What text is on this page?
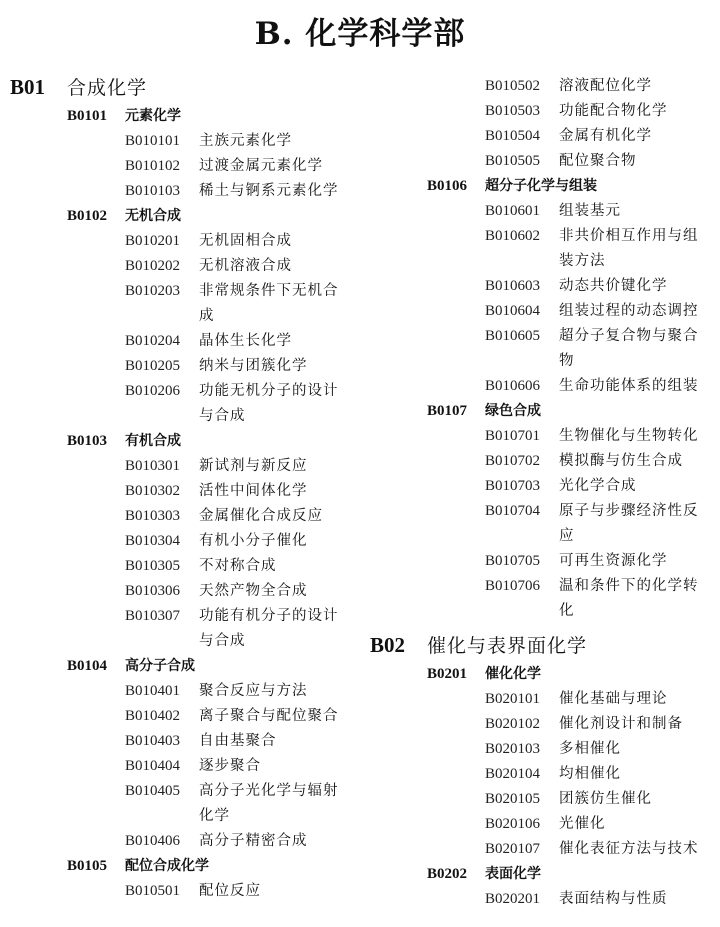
B. 化学科学部
B01	合成化学
B0101	元素化学
B010101	主族元素化学
B010102	过渡金属元素化学
B010103	稀土与锕系元素化学
B0102	无机合成
B010201	无机固相合成
B010202	无机溶液合成
B010203	非常规条件下无机合成
B010204	晶体生长化学
B010205	纳米与团簇化学
B010206	功能无机分子的设计与合成
B0103	有机合成
B010301	新试剂与新反应
B010302	活性中间体化学
B010303	金属催化合成反应
B010304	有机小分子催化
B010305	不对称合成
B010306	天然产物全合成
B010307	功能有机分子的设计与合成
B0104	高分子合成
B010401	聚合反应与方法
B010402	离子聚合与配位聚合
B010403	自由基聚合
B010404	逐步聚合
B010405	高分子光化学与辐射化学
B010406	高分子精密合成
B0105	配位合成化学
B010501	配位反应
B010502	溶液配位化学
B010503	功能配合物化学
B010504	金属有机化学
B010505	配位聚合物
B0106	超分子化学与组装
B010601	组装基元
B010602	非共价相互作用与组装方法
B010603	动态共价键化学
B010604	组装过程的动态调控
B010605	超分子复合物与聚合物
B010606	生命功能体系的组装
B0107	绿色合成
B010701	生物催化与生物转化
B010702	模拟酶与仿生合成
B010703	光化学合成
B010704	原子与步骤经济性反应
B010705	可再生资源化学
B010706	温和条件下的化学转化
B02	催化与表界面化学
B0201	催化化学
B020101	催化基础与理论
B020102	催化剂设计和制备
B020103	多相催化
B020104	均相催化
B020105	团簇仿生催化
B020106	光催化
B020107	催化表征方法与技术
B0202	表面化学
B020201	表面结构与性质
